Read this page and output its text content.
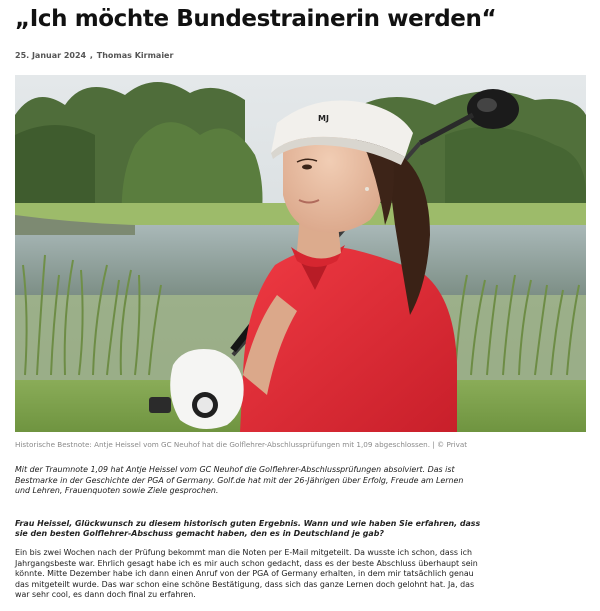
„Ich möchte Bundestrainerin werden“
25. Januar 2024 , Thomas Kirmaier
MJ

Historische Bestnote: Antje Heissel vom GC Neuhof hat die Golflehrer-Abschlussprüfungen mit 1,09 abgeschlossen. | © Privat

Mit der Traumnote 1,09 hat Antje Heissel vom GC Neuhof die Golflehrer-Abschlussprüfungen absolviert. Das ist Bestmarke in der Geschichte der PGA of Germany. Golf.de hat mit der 26-Jährigen über Erfolg, Freude am Lernen und Lehren, Frauenquoten sowie Ziele gesprochen.

Frau Heissel, Glückwunsch zu diesem historisch guten Ergebnis. Wann und wie haben Sie erfahren, dass sie den besten Golflehrer-Abschuss gemacht haben, den es in Deutschland je gab?

Ein bis zwei Wochen nach der Prüfung bekommt man die Noten per E-Mail mitgeteilt. Da wusste ich schon, dass ich Jahrgangsbeste war. Ehrlich gesagt habe ich es mir auch schon gedacht, dass es der beste Abschluss überhaupt sein könnte. Mitte Dezember habe ich dann einen Anruf von der PGA of Germany erhalten, in dem mir tatsächlich genau das mitgeteilt wurde. Das war schon eine schöne Bestätigung, dass sich das ganze Lernen doch gelohnt hat. Ja, das war sehr cool, es dann doch final zu erfahren.
